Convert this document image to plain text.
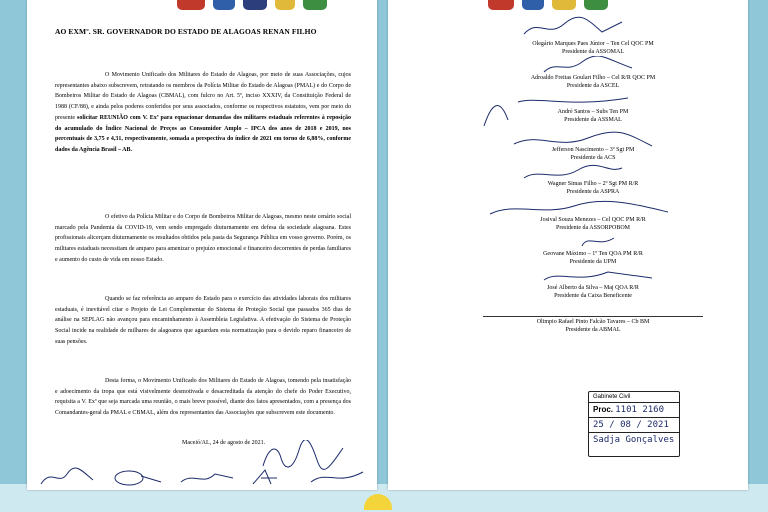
AO EXMº. SR. GOVERNADOR DO ESTADO DE ALAGOAS RENAN FILHO

O Movimento Unificado dos Militares do Estado de Alagoas, por meio de suas Associações, cujos representantes abaixo subscrevem, retratando os membros da Polícia Militar do Estado de Alagoas (PMAL) e do Corpo de Bombeiros Militar do Estado de Alagoas (CBMAL), com fulcro no Art. 5º, inciso XXXIV, da Constituição Federal de 1988 (CF/88), e ainda pelos poderes conferidos por seus associados, conforme os respectivos estatutos, vem por meio do presente solicitar REUNIÃO com V. Exª para equacionar demandas dos militares estaduais referentes à reposição do acumulado do Índice Nacional de Preços ao Consumidor Amplo – IPCA dos anos de 2018 e 2019, nos percentuais de 3,75 e 4,31, respectivamente, somada a perspectiva do índice de 2021 em torno de 6,88%, conforme dados da Agência Brasil – AB.

O efetivo da Polícia Militar e do Corpo de Bombeiros Militar de Alagoas, mesmo neste cenário social marcado pela Pandemia da COVID-19, vem sendo empregado diuturnamente em defesa da sociedade alagoana. Estes profissionais alicerçam diuturnamente os resultados obtidos pela pasta da Segurança Pública em vosso governo. Porém, os militares estaduais necessitam de amparo para amenizar o prejuízo emocional e financeiro decorrentes de perdas familiares e aumento do custo de vida em nosso Estado.

Quando se faz referência ao amparo do Estado para o exercício das atividades laborais dos militares estaduais, é inevitável citar o Projeto de Lei Complementar do Sistema de Proteção Social que passados 365 dias de análise na SEPLAG não avançou para encaminhamento à Assembleia Legislativa. A efetivação do Sistema de Proteção Social incide na realidade de milhares de alagoanos que aguardam esta normatização para o devido reparo financeiro de suas pensões.

Desta forma, o Movimento Unificado dos Militares do Estado de Alagoas, tomendo pela insatisfação e adoecimento da tropa que está visivelmente desmotivada e desacreditada da atenção do chefe do Poder Executivo, requisita a V. Exª que seja marcada uma reunião, o mais breve possível, diante dos fatos apresentados, com a presença dos Comandantes-geral da PMAL e CBMAL, além dos representantes das Associações que subscrevem este documento.

Maceió/AL, 24 de agosto de 2021.
Olegário Marques Paes Júnior – Ten Cel QOC PM
Presidente da ASSOMAL
Adroaldo Freitas Goulart Filho – Cel R/R QOC PM
Presidente da ASCEL
André Santos – Subs Ten PM
Presidente da ASSMAL
Jefferson Nascimento – 3º Sgt PM
Presidente da ACS
Wagner Simas Filho – 2º Sgt PM R/R
Presidente da ASPRA
Josival Souza Menezes – Cel QOC PM R/R
Presidente da ASSORPOBOM
Geovane Máximo – 1º Ten QOA PM R/R
Presidente da UPM
José Alberto da Silva – Maj QOA R/R
Presidente da Caixa Beneficente
Olimpio Rafael Pinto Falcão Tavares – Cb BM
Presidente da ABMAL
Gabinete Civil
Proc. 1101 2160
25 / 08 / 2021
Sadja Gonçalves
